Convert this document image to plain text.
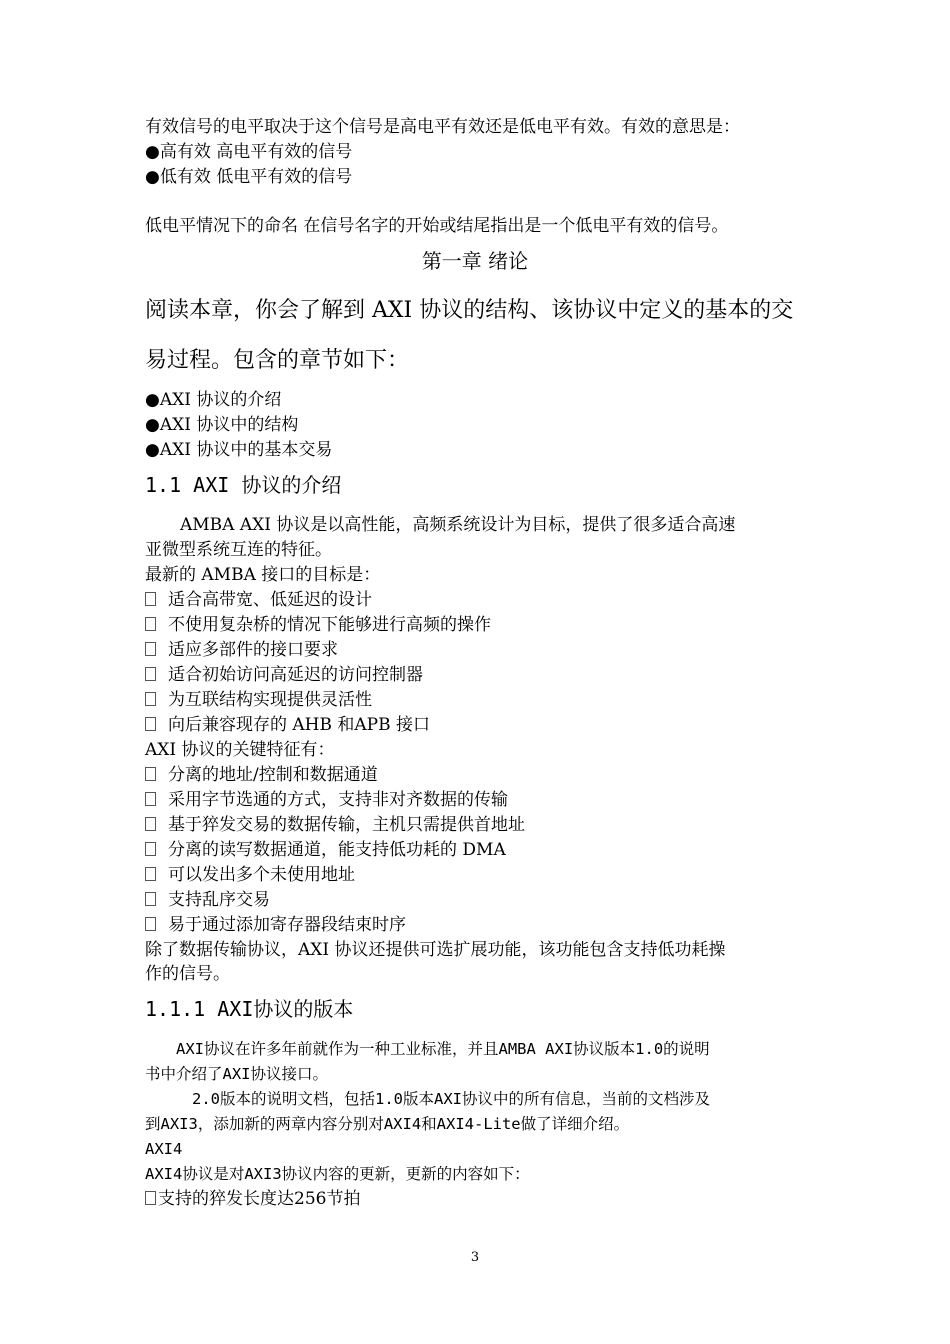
有效信号的电平取决于这个信号是高电平有效还是低电平有效。有效的意思是：
●高有效 高电平有效的信号
●低有效 低电平有效的信号
低电平情况下的命名 在信号名字的开始或结尾指出是一个低电平有效的信号。
第一章 绪论
阅读本章，你会了解到 AXI 协议的结构、该协议中定义的基本的交
易过程。包含的章节如下：
●AXI 协议的介绍
●AXI 协议中的结构
●AXI 协议中的基本交易
1.1 AXI 协议的介绍
AMBA AXI 协议是以高性能，高频系统设计为目标，提供了很多适合高速
亚微型系统互连的特征。
最新的 AMBA 接口的目标是：
适合高带宽、低延迟的设计
不使用复杂桥的情况下能够进行高频的操作
适应多部件的接口要求
适合初始访问高延迟的访问控制器
为互联结构实现提供灵活性
向后兼容现存的 AHB 和APB 接口
AXI 协议的关键特征有：
分离的地址/控制和数据通道
采用字节选通的方式，支持非对齐数据的传输
基于猝发交易的数据传输，主机只需提供首地址
分离的读写数据通道，能支持低功耗的 DMA
可以发出多个未使用地址
支持乱序交易
易于通过添加寄存器段结束时序
除了数据传输协议，AXI 协议还提供可选扩展功能，该功能包含支持低功耗操
作的信号。
1.1.1 AXI协议的版本
AXI协议在许多年前就作为一种工业标准，并且AMBA AXI协议版本1.0的说明
书中介绍了AXI协议接口。
2.0版本的说明文档，包括1.0版本AXI协议中的所有信息，当前的文档涉及
到AXI3，添加新的两章内容分别对AXI4和AXI4-Lite做了详细介绍。
AXI4
AXI4协议是对AXI3协议内容的更新，更新的内容如下：
支持的猝发长度达256节拍
3
